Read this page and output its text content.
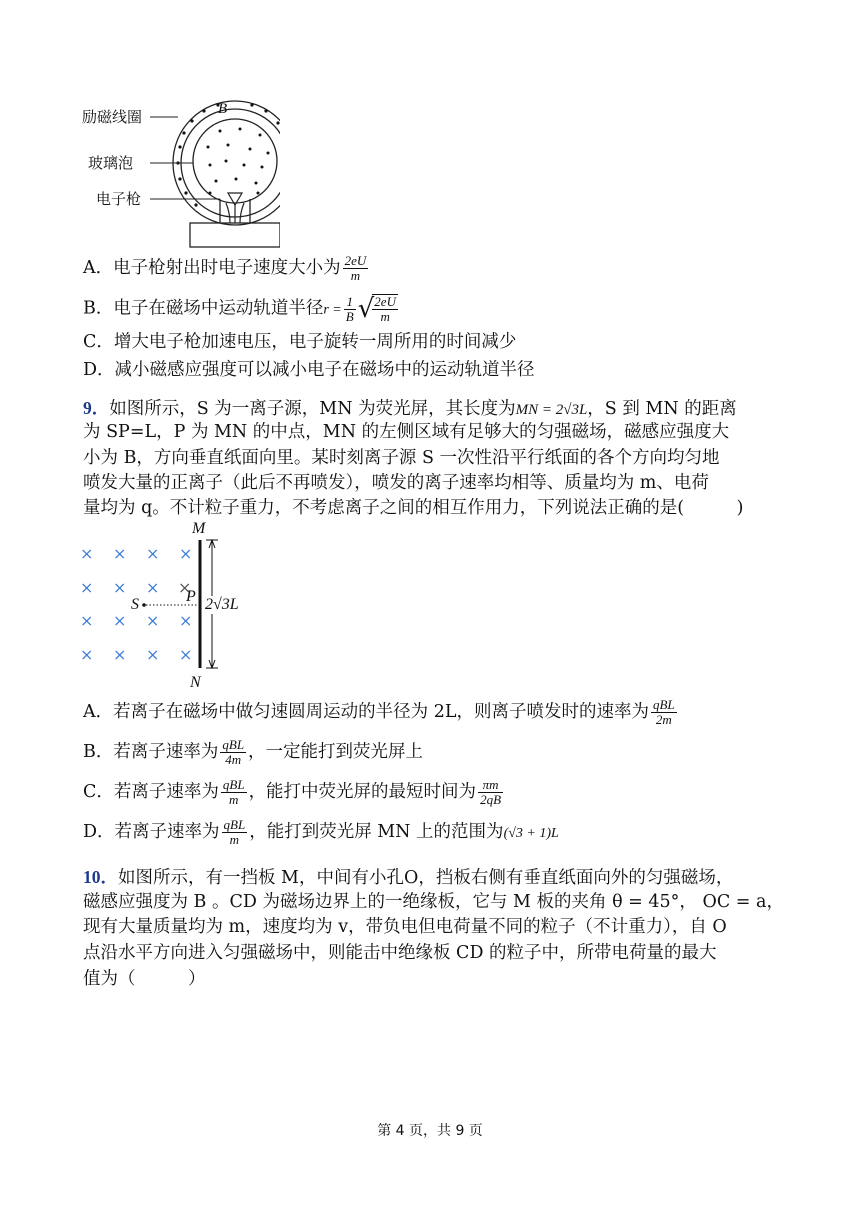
励磁线圈
玻璃泡
电子枪
B
A．电子枪射出时电子速度大小为 $\frac{2eU}{m}$
B．电子在磁场中运动轨道半径$r = \frac{1}{B}$ √
$\frac{2eU}{m}$
C．增大电子枪加速电压，电子旋转一周所用的时间减少
D．减小磁感应强度可以减小电子在磁场中的运动轨道半径
9．如图所示，S 为一离子源，MN 为荧光屏，其长度为MN = 2√3L，S 到 MN 的距离
为 SP=L，P 为 MN 的中点，MN 的左侧区域有足够大的匀强磁场，磁感应强度大
小为 B，方向垂直纸面向里。某时刻离子源 S 一次性沿平行纸面的各个方向均匀地
喷发大量的正离子（此后不再喷发），喷发的离子速率均相等、质量均为 m、电荷
量均为 q。不计粒子重力，不考虑离子之间的相互作用力，下列说法正确的是(　　　)
× × × ×
× × × ×
× × × ×
× × × ×
M
N
S	P 2√3L
A．若离子在磁场中做匀速圆周运动的半径为 2L，则离子喷发时的速率为 $\frac{\text{qBL}}{2m}$
B．若离子速率为 $\frac{\text{qBL}}{4m}$ ，一定能打到荧光屏上
C．若离子速率为 $\frac{\text{qBL}}{m}$ ，能打中荧光屏的最短时间为 $\frac{\pi m}{2qB}$
D．若离子速率为 $\frac{\text{qBL}}{m}$ ，能打到荧光屏 MN 上的范围为(√3 + 1)L
10．如图所示，有一挡板 M，中间有小孔O，挡板右侧有垂直纸面向外的匀强磁场，
磁感应强度为 B 。CD 为磁场边界上的一绝缘板，它与 M 板的夹角 θ = 45°， OC = a，
现有大量质量均为 m，速度均为 v，带负电但电荷量不同的粒子（不计重力），自 O
点沿水平方向进入匀强磁场中，则能击中绝缘板 CD 的粒子中，所带电荷量的最大
值为（　　　）
第 4 页，共 9 页
